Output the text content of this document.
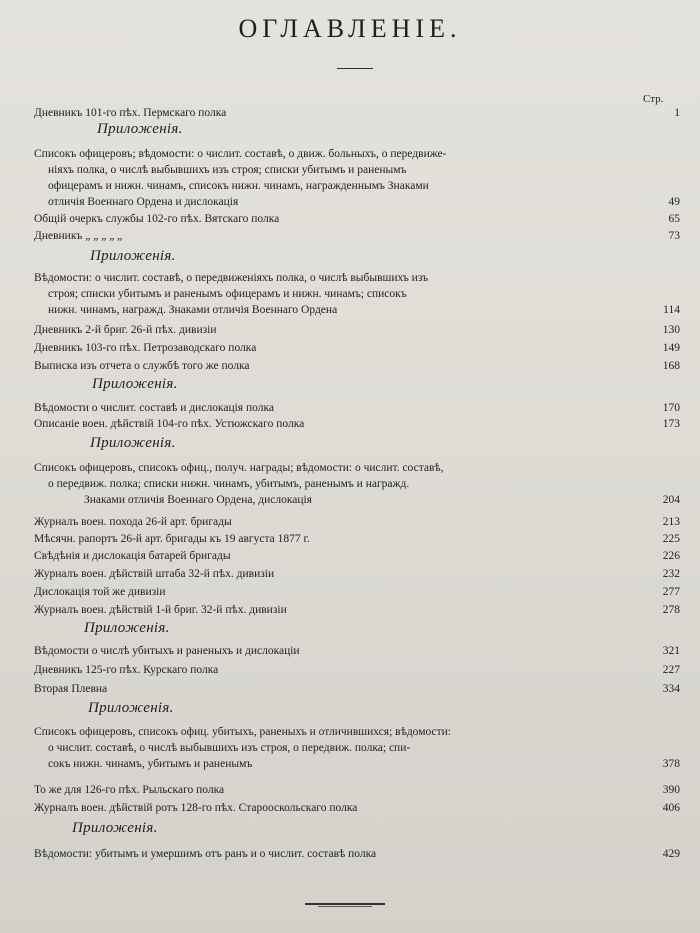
ОГЛАВЛЕНІЕ.
Стр.
Дневникъ 101-го пѣх. Пермскаго полка	1
Приложенія.
Списокъ офицеровъ; вѣдомости: о числит. составѣ, о движ. больныхъ, о передвиже-
ніяхъ полка, о числѣ выбывшихъ изъ строя; списки убитымъ и раненымъ
офицерамъ и нижн. чинамъ, списокъ нижн. чинамъ, награжденнымъ Знаками
отличія Военнаго Ордена и дислокація	49
Общій очеркъ службы 102-го пѣх. Вятскаго полка	65
Дневникъ „ „ „ „ „	73
Приложенія.
Вѣдомости: о числит. составѣ, о передвиженіяхъ полка, о числѣ выбывшихъ изъ
строя; списки убитымъ и раненымъ офицерамъ и нижн. чинамъ; списокъ
нижн. чинамъ, награжд. Знаками отличія Военнаго Ордена	114
Дневникъ 2-й бриг. 26-й пѣх. дивизіи	130
Дневникъ 103-го пѣх. Петрозаводскаго полка	149
Выписка изъ отчета о службѣ того же полка	168
Приложенія.
Вѣдомости о числит. составѣ и дислокація полка	170
Описаніе воен. дѣйствій 104-го пѣх. Устюжскаго полка	173
Приложенія.
Списокъ офицеровъ, списокъ офиц., получ. награды; вѣдомости: о числит. составѣ,
о передвиж. полка; списки нижн. чинамъ, убитымъ, раненымъ и награжд.
Знаками отличія Военнаго Ордена, дислокація	204
Журналъ воен. похода 26-й арт. бригады	213
Мѣсячн. рапортъ 26-й арт. бригады къ 19 августа 1877 г.	225
Свѣдѣнія и дислокація батарей бригады	226
Журналъ воен. дѣйствій штаба 32-й пѣх. дивизіи	232
Дислокація той же дивизіи	277
Журналъ воен. дѣйствій 1-й бриг. 32-й пѣх. дивизіи	278
Приложенія.
Вѣдомости о числѣ убитыхъ и раненыхъ и дислокаціи	321
Дневникъ 125-го пѣх. Курскаго полка	227
Вторая Плевна	334
Приложенія.
Списокъ офицеровъ, списокъ офиц. убитыхъ, раненыхъ и отличившихся; вѣдомости:
о числит. составѣ, о числѣ выбывшихъ изъ строя, о передвиж. полка; спи-
сокъ нижн. чинамъ, убитымъ и раненымъ	378
То же для 126-го пѣх. Рыльскаго полка	390
Журналъ воен. дѣйствій ротъ 128-го пѣх. Старооскольскаго полка	406
Приложенія.
Вѣдомости: убитымъ и умершимъ отъ ранъ и о числит. составѣ полка	429
